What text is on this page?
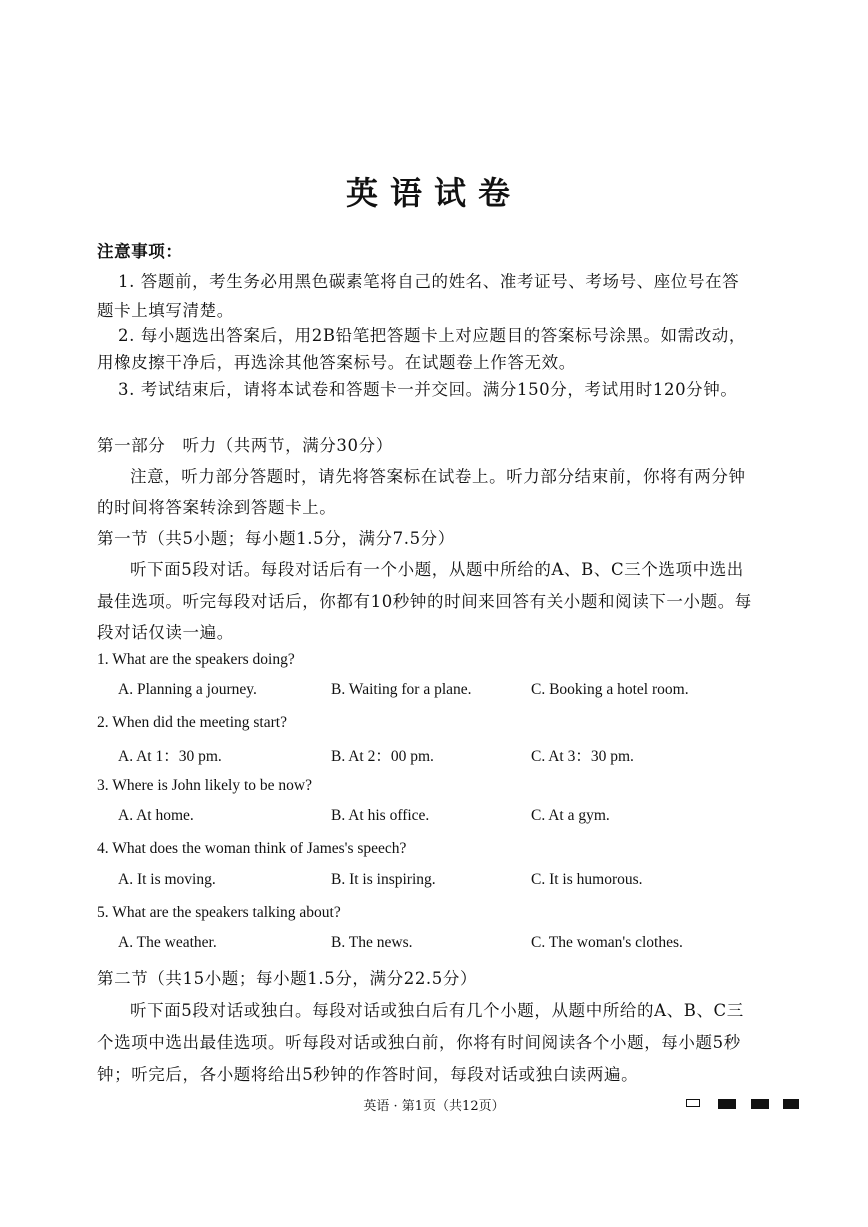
英语试卷
注意事项：
1. 答题前，考生务必用黑色碳素笔将自己的姓名、准考证号、考场号、座位号在答
题卡上填写清楚。
2. 每小题选出答案后，用2B铅笔把答题卡上对应题目的答案标号涂黑。如需改动，
用橡皮擦干净后，再选涂其他答案标号。在试题卷上作答无效。
3. 考试结束后，请将本试卷和答题卡一并交回。满分150分，考试用时120分钟。
第一部分　听力（共两节，满分30分）
注意，听力部分答题时，请先将答案标在试卷上。听力部分结束前，你将有两分钟
的时间将答案转涂到答题卡上。
第一节（共5小题；每小题1.5分，满分7.5分）
听下面5段对话。每段对话后有一个小题，从题中所给的A、B、C三个选项中选出
最佳选项。听完每段对话后，你都有10秒钟的时间来回答有关小题和阅读下一小题。每
段对话仅读一遍。
1. What are the speakers doing?
A. Planning a journey.	B. Waiting for a plane.	C. Booking a hotel room.
2. When did the meeting start?
A. At 1：30 pm.	B. At 2：00 pm.	C. At 3：30 pm.
3. Where is John likely to be now?
A. At home.	B. At his office.	C. At a gym.
4. What does the woman think of James's speech?
A. It is moving.	B. It is inspiring.	C. It is humorous.
5. What are the speakers talking about?
A. The weather.	B. The news.	C. The woman's clothes.
第二节（共15小题；每小题1.5分，满分22.5分）
听下面5段对话或独白。每段对话或独白后有几个小题，从题中所给的A、B、C三
个选项中选出最佳选项。听每段对话或独白前，你将有时间阅读各个小题，每小题5秒
钟；听完后，各小题将给出5秒钟的作答时间，每段对话或独白读两遍。
英语 · 第1页（共12页）
